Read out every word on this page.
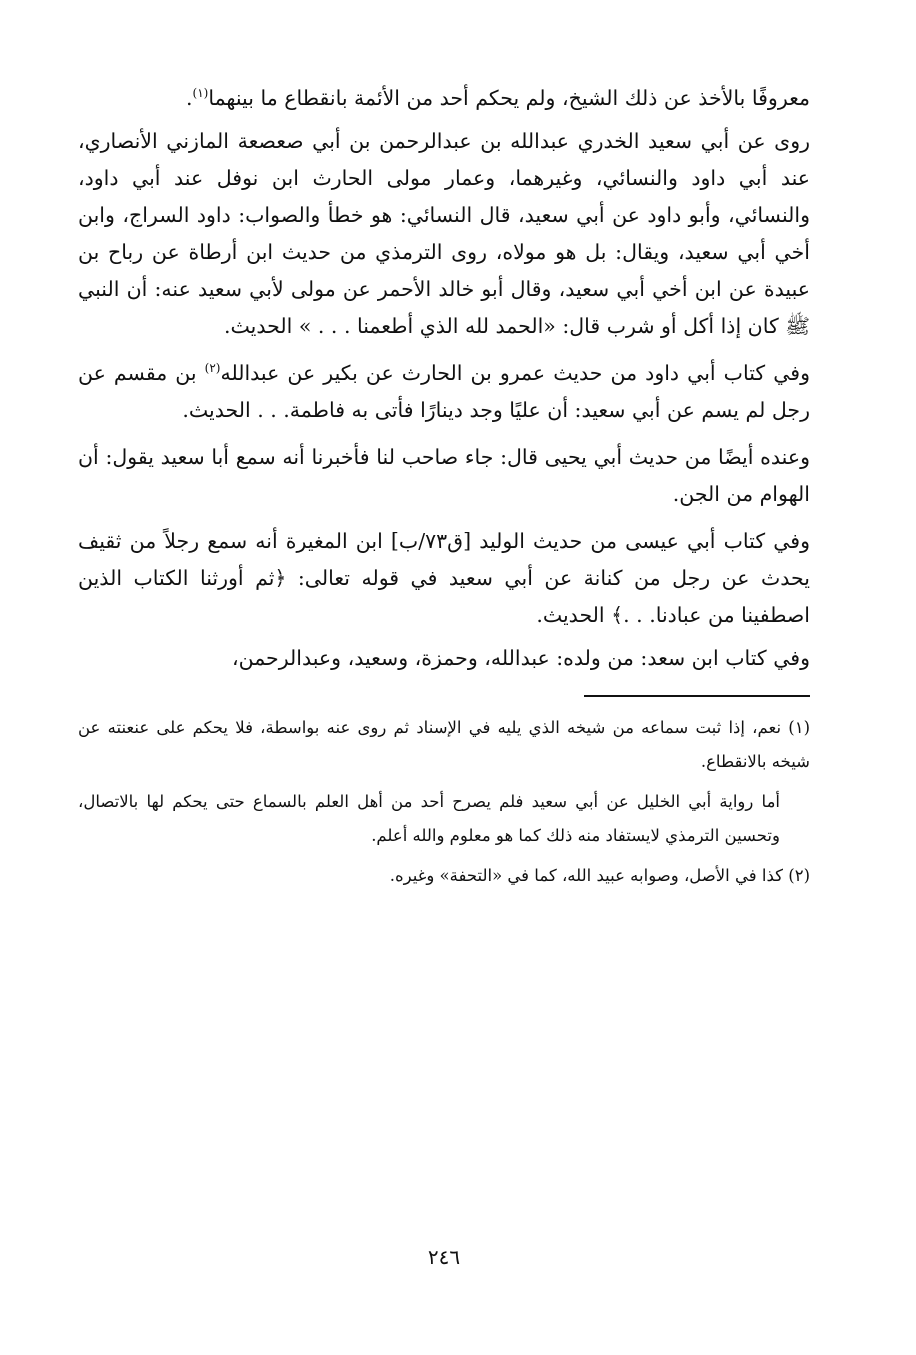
معروفًا بالأخذ عن ذلك الشيخ، ولم يحكم أحد من الأئمة بانقطاع ما بينهما$^{(١)}$.

روى عن أبي سعيد الخدري عبدالله بن عبدالرحمن بن أبي صعصعة المازني الأنصاري، عند أبي داود والنسائي، وغيرهما، وعمار مولى الحارث ابن نوفل عند أبي داود، والنسائي، وأبو داود عن أبي سعيد، قال النسائي: هو خطأ والصواب: داود السراج، وابن أخي أبي سعيد، ويقال: بل هو مولاه، روى الترمذي من حديث ابن أرطاة عن رباح بن عبيدة عن ابن أخي أبي سعيد، وقال أبو خالد الأحمر عن مولى لأبي سعيد عنه: أن النبي ﷺ كان إذا أكل أو شرب قال: «الحمد لله الذي أطعمنا . . . » الحديث.

وفي كتاب أبي داود من حديث عمرو بن الحارث عن بكير عن عبدالله$^{(٢)}$ بن مقسم عن رجل لم يسم عن أبي سعيد: أن عليًا وجد دينارًا فأتى به فاطمة. . . الحديث.

وعنده أيضًا من حديث أبي يحيى قال: جاء صاحب لنا فأخبرنا أنه سمع أبا سعيد يقول: أن الهوام من الجن.

وفي كتاب أبي عيسى من حديث الوليد [ق٧٣/ب] ابن المغيرة أنه سمع رجلاً من ثقيف يحدث عن رجل من كنانة عن أبي سعيد في قوله تعالى: ﴿ثم أورثنا الكتاب الذين اصطفينا من عبادنا. . .﴾ الحديث.

وفي كتاب ابن سعد: من ولده: عبدالله، وحمزة، وسعيد، وعبدالرحمن،

(١) نعم، إذا ثبت سماعه من شيخه الذي يليه في الإسناد ثم روى عنه بواسطة، فلا يحكم على عنعنته عن شيخه بالانقطاع.

أما رواية أبي الخليل عن أبي سعيد فلم يصرح أحد من أهل العلم بالسماع حتى يحكم لها بالاتصال، وتحسين الترمذي لايستفاد منه ذلك كما هو معلوم والله أعلم.

(٢) كذا في الأصل، وصوابه عبيد الله، كما في «التحفة» وغيره.

٢٤٦
